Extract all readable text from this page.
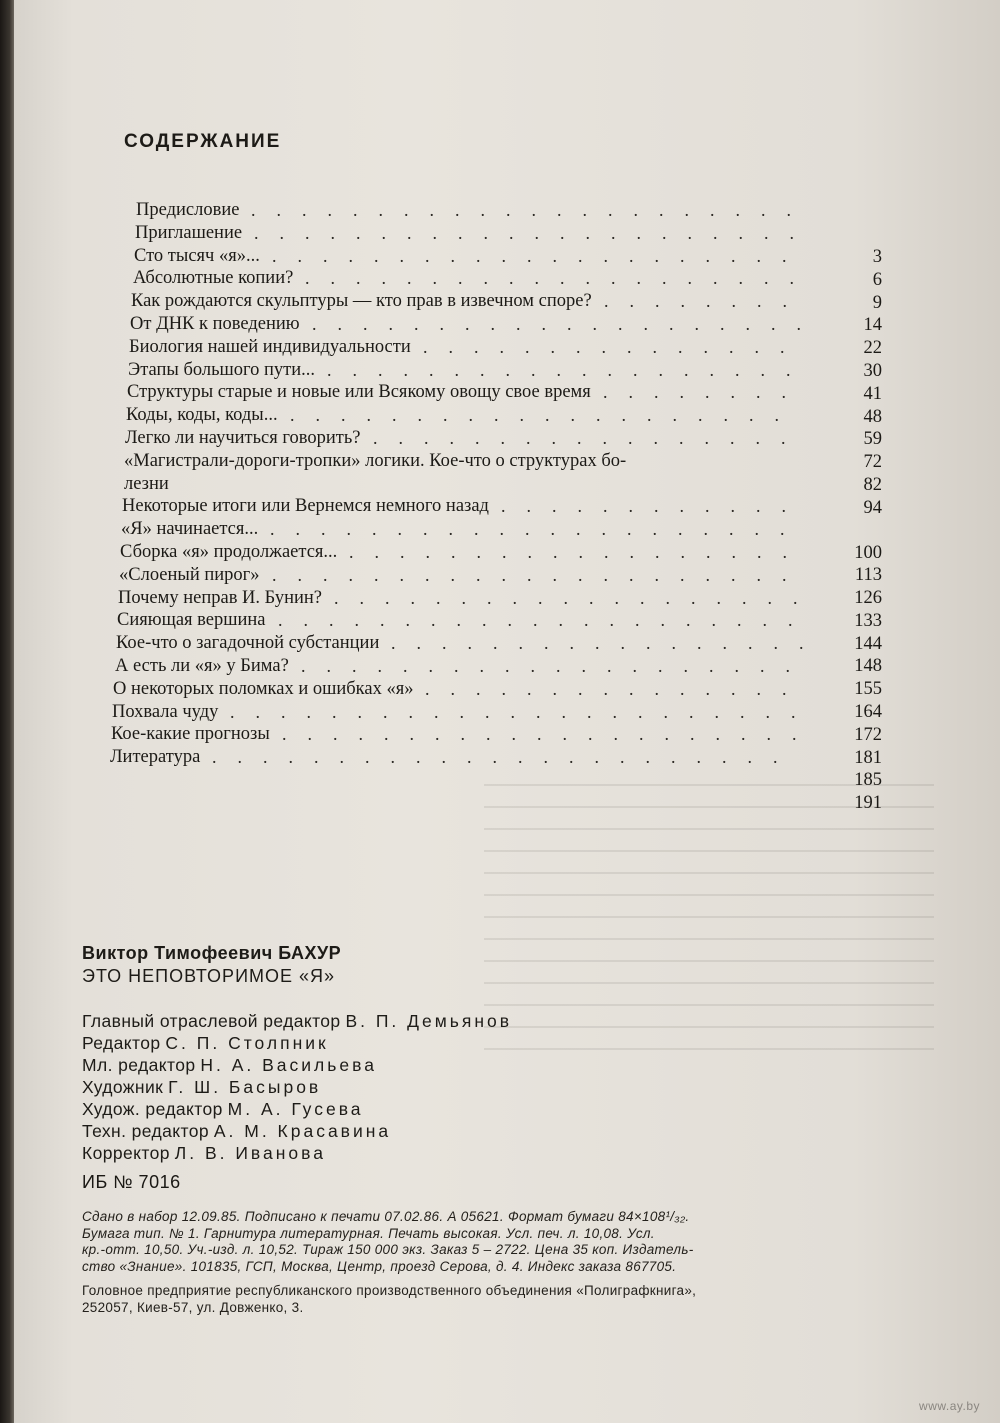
СОДЕРЖАНИЕ
Предисловие
3
......................
Приглашение
6
......................
Сто тысяч «я»...
9
.....................
Абсолютные копии?
14
....................
Как рождаются скульптуры — кто прав в извечном споре?
22
........
От ДНК к поведению
30
....................
Биология нашей индивидуальности
41
...............
Этапы большого пути...
48
...................
Структуры старые и новые или Всякому овощу свое время
59
........
Коды, коды, коды...
72
....................
Легко ли научиться говорить?
82
.................
«Магистрали-дороги-тропки» логики. Кое-что о структурах бо-
94
лезни
Некоторые итоги или Вернемся немного назад
100
............
«Я» начинается...
113
.....................
Сборка «я» продолжается...
126
..................
«Слоеный пирог»
133
.....................
Почему неправ И. Бунин?
144
...................
Сияющая вершина
148
.....................
Кое-что о загадочной субстанции
155
.................
А есть ли «я» у Бима?
164
....................
О некоторых поломках и ошибках «я»
172
...............
Похвала чуду
181
.......................
Кое-какие прогнозы
185
.....................
Литература
191
.......................
Виктор Тимофеевич БАХУР
ЭТО НЕПОВТОРИМОЕ «Я»
Главный отраслевой редактор В. П. Демьянов
Редактор С. П. Столпник
Мл. редактор Н. А. Васильева
Художник Г. Ш. Басыров
Худож. редактор М. А. Гусева
Техн. редактор А. М. Красавина
Корректор Л. В. Иванова
ИБ № 7016
Сдано в набор 12.09.85. Подписано к печати 07.02.86. А 05621. Формат бумаги 84×108¹/₃₂.
Бумага тип. № 1. Гарнитура литературная. Печать высокая. Усл. печ. л. 10,08. Усл.
кр.-отт. 10,50. Уч.-изд. л. 10,52. Тираж 150 000 экз. Заказ 5 – 2722. Цена 35 коп. Издатель-
ство «Знание». 101835, ГСП, Москва, Центр, проезд Серова, д. 4. Индекс заказа 867705.
Головное предприятие республиканского производственного объединения «Полиграфкнига»,
252057, Киев-57, ул. Довженко, 3.
www.ay.by
